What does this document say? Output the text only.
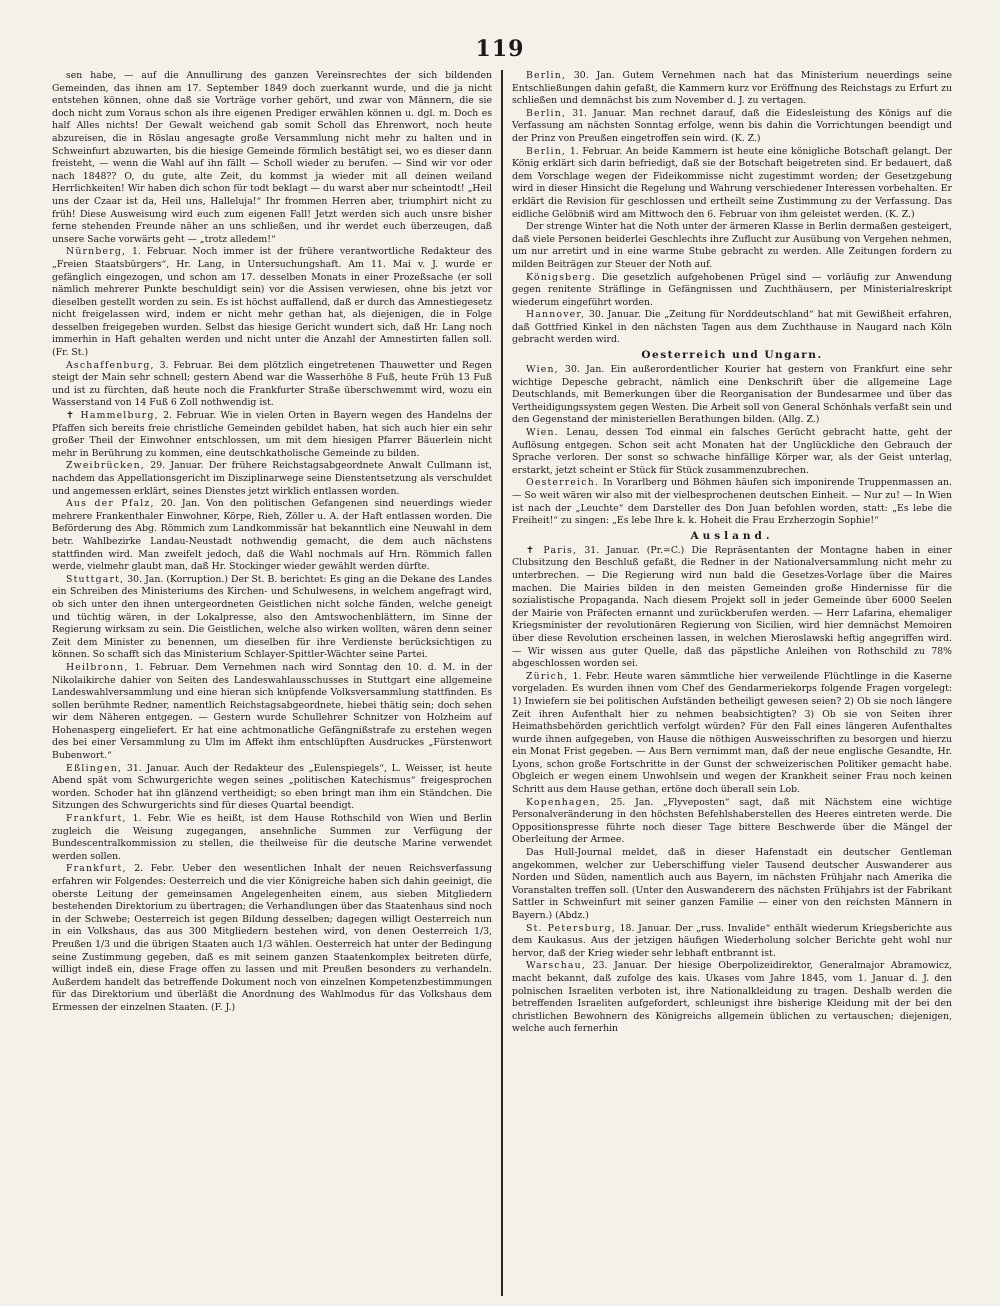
119

sen habe, — auf die Annullirung des ganzen Vereinsrechtes der sich bildenden Gemeinden, das ihnen am 17. September 1849 doch zuerkannt wurde, und die ja nicht entstehen können, ohne daß sie Vorträge vorher gehört, und zwar von Männern, die sie doch nicht zum Voraus schon als ihre eigenen Prediger erwählen können u. dgl. m. Doch es half Alles nichts! Der Gewalt weichend gab somit Scholl das Ehrenwort, noch heute abzureisen, die in Röslau angesagte große Versammlung nicht mehr zu halten und in Schweinfurt abzuwarten, bis die hiesige Gemeinde förmlich bestätigt sei, wo es dieser dann freisteht, — wenn die Wahl auf ihn fällt — Scholl wieder zu berufen. — Sind wir vor oder nach 1848?? O, du gute, alte Zeit, du kommst ja wieder mit all deinen weiland Herrlichkeiten! Wir haben dich schon für todt beklagt — du warst aber nur scheintodt! „Heil uns der Czaar ist da, Heil uns, Halleluja!“ Ihr frommen Herren aber, triumphirt nicht zu früh! Diese Ausweisung wird euch zum eigenen Fall! Jetzt werden sich auch unsre bisher ferne stehenden Freunde näher an uns schließen, und ihr werdet euch überzeugen, daß unsere Sache vorwärts geht — „trotz alledem!“

Nürnberg, 1. Februar. Noch immer ist der frühere verantwortliche Redakteur des „Freien Staatsbürgers“, Hr. Lang, in Untersuchungshaft. Am 11. Mai v. J. wurde er gefänglich eingezogen, und schon am 17. desselben Monats in einer Prozeßsache (er soll nämlich mehrerer Punkte beschuldigt sein) vor die Assisen verwiesen, ohne bis jetzt vor dieselben gestellt worden zu sein. Es ist höchst auffallend, daß er durch das Amnestiegesetz nicht freigelassen wird, indem er nicht mehr gethan hat, als diejenigen, die in Folge desselben freigegeben wurden. Selbst das hiesige Gericht wundert sich, daß Hr. Lang noch immerhin in Haft gehalten werden und nicht unter die Anzahl der Amnestirten fallen soll. (Fr. St.)

Aschaffenburg, 3. Februar. Bei dem plötzlich eingetretenen Thauwetter und Regen steigt der Main sehr schnell; gestern Abend war die Wasserhöhe 8 Fuß, heute Früh 13 Fuß und ist zu fürchten, daß heute noch die Frankfurter Straße überschwemmt wird, wozu ein Wasserstand von 14 Fuß 6 Zoll nothwendig ist.

✝ Hammelburg, 2. Februar. Wie in vielen Orten in Bayern wegen des Handelns der Pfaffen sich bereits freie christliche Gemeinden gebildet haben, hat sich auch hier ein sehr großer Theil der Einwohner entschlossen, um mit dem hiesigen Pfarrer Bäuerlein nicht mehr in Berührung zu kommen, eine deutschkatholische Gemeinde zu bilden.

Zweibrücken, 29. Januar. Der frühere Reichstagsabgeordnete Anwalt Cullmann ist, nachdem das Appellationsgericht im Disziplinarwege seine Dienstentsetzung als verschuldet und angemessen erklärt, seines Dienstes jetzt wirklich entlassen worden.

Aus der Pfalz, 20. Jan. Von den politischen Gefangenen sind neuerdings wieder mehrere Frankenthaler Einwohner, Körpe, Rieh, Zöller u. A. der Haft entlassen worden. Die Beförderung des Abg. Römmich zum Landkommissär hat bekanntlich eine Neuwahl in dem betr. Wahlbezirke Landau-Neustadt nothwendig gemacht, die dem auch nächstens stattfinden wird. Man zweifelt jedoch, daß die Wahl nochmals auf Hrn. Römmich fallen werde, vielmehr glaubt man, daß Hr. Stockinger wieder gewählt werden dürfte.

Stuttgart, 30. Jan. (Korruption.) Der St. B. berichtet: Es ging an die Dekane des Landes ein Schreiben des Ministeriums des Kirchen- und Schulwesens, in welchem angefragt wird, ob sich unter den ihnen untergeordneten Geistlichen nicht solche fänden, welche geneigt und tüchtig wären, in der Lokalpresse, also den Amtswochenblättern, im Sinne der Regierung wirksam zu sein. Die Geistlichen, welche also wirken wollten, wären denn seiner Zeit dem Minister zu benennen, um dieselben für ihre Verdienste berücksichtigen zu können. So schafft sich das Ministerium Schlayer-Spittler-Wächter seine Partei.

Heilbronn, 1. Februar. Dem Vernehmen nach wird Sonntag den 10. d. M. in der Nikolaikirche dahier von Seiten des Landeswahlausschusses in Stuttgart eine allgemeine Landeswahlversammlung und eine hieran sich knüpfende Volksversammlung stattfinden. Es sollen berühmte Redner, namentlich Reichstagsabgeordnete, hiebei thätig sein; doch sehen wir dem Näheren entgegen. — Gestern wurde Schullehrer Schnitzer von Holzheim auf Hohenasperg eingeliefert. Er hat eine achtmonatliche Gefängnißstrafe zu erstehen wegen des bei einer Versammlung zu Ulm im Affekt ihm entschlüpften Ausdruckes „Fürstenwort Bubenwort.“

Eßlingen, 31. Januar. Auch der Redakteur des „Eulenspiegels“, L. Weisser, ist heute Abend spät vom Schwurgerichte wegen seines „politischen Katechismus“ freigesprochen worden. Schoder hat ihn glänzend vertheidigt; so eben bringt man ihm ein Ständchen. Die Sitzungen des Schwurgerichts sind für dieses Quartal beendigt.

Frankfurt, 1. Febr. Wie es heißt, ist dem Hause Rothschild von Wien und Berlin zugleich die Weisung zugegangen, ansehnliche Summen zur Verfügung der Bundescentralkommission zu stellen, die theilweise für die deutsche Marine verwendet werden sollen.

Frankfurt, 2. Febr. Ueber den wesentlichen Inhalt der neuen Reichsverfassung erfahren wir Folgendes: Oesterreich und die vier Königreiche haben sich dahin geeinigt, die oberste Leitung der gemeinsamen Angelegenheiten einem, aus sieben Mitgliedern bestehenden Direktorium zu übertragen; die Verhandlungen über das Staatenhaus sind noch in der Schwebe; Oesterreich ist gegen Bildung desselben; dagegen willigt Oesterreich nun in ein Volkshaus, das aus 300 Mitgliedern bestehen wird, von denen Oesterreich 1/3, Preußen 1/3 und die übrigen Staaten auch 1/3 wählen. Oesterreich hat unter der Bedingung seine Zustimmung gegeben, daß es mit seinem ganzen Staatenkomplex beitreten dürfe, willigt indeß ein, diese Frage offen zu lassen und mit Preußen besonders zu verhandeln. Außerdem handelt das betreffende Dokument noch von einzelnen Kompetenzbestimmungen für das Direktorium und überläßt die Anordnung des Wahlmodus für das Volkshaus dem Ermessen der einzelnen Staaten. (F. J.)

Berlin, 30. Jan. Gutem Vernehmen nach hat das Ministerium neuerdings seine Entschließungen dahin gefaßt, die Kammern kurz vor Eröffnung des Reichstags zu Erfurt zu schließen und demnächst bis zum November d. J. zu vertagen.

Berlin, 31. Januar. Man rechnet darauf, daß die Eidesleistung des Königs auf die Verfassung am nächsten Sonntag erfolge, wenn bis dahin die Vorrichtungen beendigt und der Prinz von Preußen eingetroffen sein wird. (K. Z.)

Berlin, 1. Februar. An beide Kammern ist heute eine königliche Botschaft gelangt. Der König erklärt sich darin befriedigt, daß sie der Botschaft beigetreten sind. Er bedauert, daß dem Vorschlage wegen der Fideikommisse nicht zugestimmt worden; der Gesetzgebung wird in dieser Hinsicht die Regelung und Wahrung verschiedener Interessen vorbehalten. Er erklärt die Revision für geschlossen und ertheilt seine Zustimmung zu der Verfassung. Das eidliche Gelöbniß wird am Mittwoch den 6. Februar von ihm geleistet werden. (K. Z.)

Der strenge Winter hat die Noth unter der ärmeren Klasse in Berlin dermaßen gesteigert, daß viele Personen beiderlei Geschlechts ihre Zuflucht zur Ausübung von Vergehen nehmen, um nur arretirt und in eine warme Stube gebracht zu werden. Alle Zeitungen fordern zu milden Beiträgen zur Steuer der Noth auf.

Königsberg. Die gesetzlich aufgehobenen Prügel sind — vorläufig zur Anwendung gegen renitente Sträflinge in Gefängnissen und Zuchthäusern, per Ministerialreskript wiederum eingeführt worden.

Hannover, 30. Januar. Die „Zeitung für Norddeutschland“ hat mit Gewißheit erfahren, daß Gottfried Kinkel in den nächsten Tagen aus dem Zuchthause in Naugard nach Köln gebracht werden wird.

Oesterreich und Ungarn.

Wien, 30. Jan. Ein außerordentlicher Kourier hat gestern von Frankfurt eine sehr wichtige Depesche gebracht, nämlich eine Denkschrift über die allgemeine Lage Deutschlands, mit Bemerkungen über die Reorganisation der Bundesarmee und über das Vertheidigungssystem gegen Westen. Die Arbeit soll von General Schönhals verfaßt sein und den Gegenstand der ministeriellen Berathungen bilden. (Allg. Z.)

Wien. Lenau, dessen Tod einmal ein falsches Gerücht gebracht hatte, geht der Auflösung entgegen. Schon seit acht Monaten hat der Unglückliche den Gebrauch der Sprache verloren. Der sonst so schwache hinfällige Körper war, als der Geist unterlag, erstarkt, jetzt scheint er Stück für Stück zusammenzubrechen.

Oesterreich. In Vorarlberg und Böhmen häufen sich imponirende Truppenmassen an. — So weit wären wir also mit der vielbesprochenen deutschen Einheit. — Nur zu! — In Wien ist nach der „Leuchte“ dem Darsteller des Don Juan befohlen worden, statt: „Es lebe die Freiheit!“ zu singen: „Es lebe Ihre k. k. Hoheit die Frau Erzherzogin Sophie!“

Ausland.

✝ Paris, 31. Januar. (Pr.=C.) Die Repräsentanten der Montagne haben in einer Clubsitzung den Beschluß gefaßt, die Redner in der Nationalversammlung nicht mehr zu unterbrechen. — Die Regierung wird nun bald die Gesetzes-Vorlage über die Maires machen. Die Mairies bilden in den meisten Gemeinden große Hindernisse für die sozialistische Propaganda. Nach diesem Projekt soll in jeder Gemeinde über 6000 Seelen der Mairie von Präfecten ernannt und zurückberufen werden. — Herr Lafarina, ehemaliger Kriegsminister der revolutionären Regierung von Sicilien, wird hier demnächst Memoiren über diese Revolution erscheinen lassen, in welchen Mieroslawski heftig angegriffen wird. — Wir wissen aus guter Quelle, daß das päpstliche Anleihen von Rothschild zu 78% abgeschlossen worden sei.

Zürich, 1. Febr. Heute waren sämmtliche hier verweilende Flüchtlinge in die Kaserne vorgeladen. Es wurden ihnen vom Chef des Gendarmeriekorps folgende Fragen vorgelegt: 1) Inwiefern sie bei politischen Aufständen betheiligt gewesen seien? 2) Ob sie noch längere Zeit ihren Aufenthalt hier zu nehmen beabsichtigten? 3) Ob sie von Seiten ihrer Heimathsbehörden gerichtlich verfolgt würden? Für den Fall eines längeren Aufenthaltes wurde ihnen aufgegeben, von Hause die nöthigen Ausweisschriften zu besorgen und hierzu ein Monat Frist gegeben. — Aus Bern vernimmt man, daß der neue englische Gesandte, Hr. Lyons, schon große Fortschritte in der Gunst der schweizerischen Politiker gemacht habe. Obgleich er wegen einem Unwohlsein und wegen der Krankheit seiner Frau noch keinen Schritt aus dem Hause gethan, ertöne doch überall sein Lob.

Kopenhagen, 25. Jan. „Flyveposten“ sagt, daß mit Nächstem eine wichtige Personalveränderung in den höchsten Befehlshaberstellen des Heeres eintreten werde. Die Oppositionspresse führte noch dieser Tage bittere Beschwerde über die Mängel der Oberleitung der Armee.

Das Hull-Journal meldet, daß in dieser Hafenstadt ein deutscher Gentleman angekommen, welcher zur Ueberschiffung vieler Tausend deutscher Auswanderer aus Norden und Süden, namentlich auch aus Bayern, im nächsten Frühjahr nach Amerika die Voranstalten treffen soll. (Unter den Auswanderern des nächsten Frühjahrs ist der Fabrikant Sattler in Schweinfurt mit seiner ganzen Familie — einer von den reichsten Männern in Bayern.) (Abdz.)

St. Petersburg, 18. Januar. Der „russ. Invalide“ enthält wiederum Kriegsberichte aus dem Kaukasus. Aus der jetzigen häufigen Wiederholung solcher Berichte geht wohl nur hervor, daß der Krieg wieder sehr lebhaft entbrannt ist.

Warschau, 23. Januar. Der hiesige Oberpolizeidirektor, Generalmajor Abramowicz, macht bekannt, daß zufolge des kais. Ukases vom Jahre 1845, vom 1. Januar d. J. den polnischen Israeliten verboten ist, ihre Nationalkleidung zu tragen. Deshalb werden die betreffenden Israeliten aufgefordert, schleunigst ihre bisherige Kleidung mit der bei den christlichen Bewohnern des Königreichs allgemein üblichen zu vertauschen; diejenigen, welche auch fernerhin
